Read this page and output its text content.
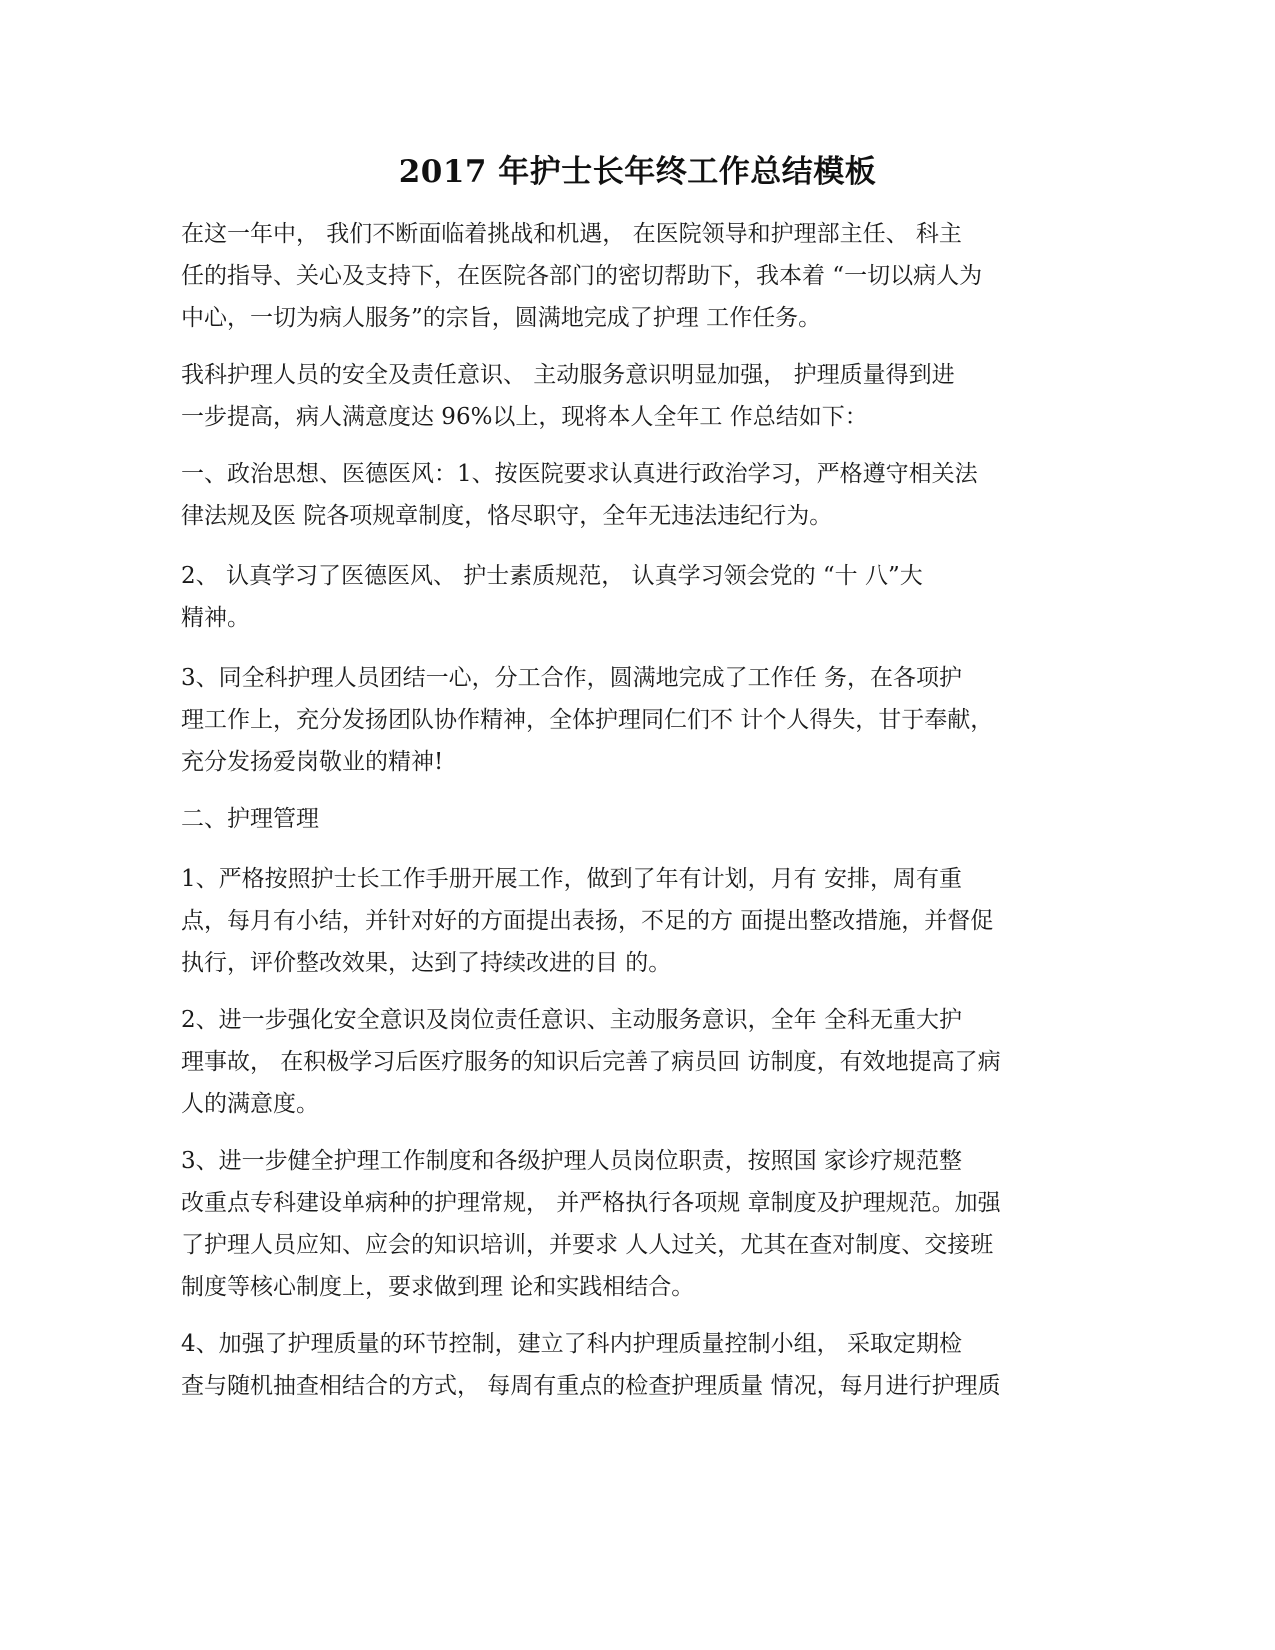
2017 年护士长年终工作总结模板
在这一年中， 我们不断面临着挑战和机遇， 在医院领导和护理部主任、 科主
任的指导、关心及支持下，在医院各部门的密切帮助下，我本着 “一切以病人为
中心，一切为病人服务”的宗旨，圆满地完成了护理 工作任务。
我科护理人员的安全及责任意识、 主动服务意识明显加强， 护理质量得到进
一步提高，病人满意度达 96%以上，现将本人全年工 作总结如下：
一、政治思想、医德医风：1、按医院要求认真进行政治学习，严格遵守相关法
律法规及医 院各项规章制度，恪尽职守，全年无违法违纪行为。
2、 认真学习了医德医风、 护士素质规范， 认真学习领会党的 “十 八”大
精神。
3、同全科护理人员团结一心，分工合作，圆满地完成了工作任 务，在各项护
理工作上，充分发扬团队协作精神，全体护理同仁们不 计个人得失，甘于奉献，
充分发扬爱岗敬业的精神!
二、护理管理
1、严格按照护士长工作手册开展工作，做到了年有计划，月有 安排，周有重
点，每月有小结，并针对好的方面提出表扬，不足的方 面提出整改措施，并督促
执行，评价整改效果，达到了持续改进的目 的。
2、进一步强化安全意识及岗位责任意识、主动服务意识，全年 全科无重大护
理事故， 在积极学习后医疗服务的知识后完善了病员回 访制度，有效地提高了病
人的满意度。
3、进一步健全护理工作制度和各级护理人员岗位职责，按照国 家诊疗规范整
改重点专科建设单病种的护理常规， 并严格执行各项规 章制度及护理规范。加强
了护理人员应知、应会的知识培训，并要求 人人过关，尤其在查对制度、交接班
制度等核心制度上，要求做到理 论和实践相结合。
4、加强了护理质量的环节控制，建立了科内护理质量控制小组， 采取定期检
查与随机抽查相结合的方式， 每周有重点的检查护理质量 情况，每月进行护理质
